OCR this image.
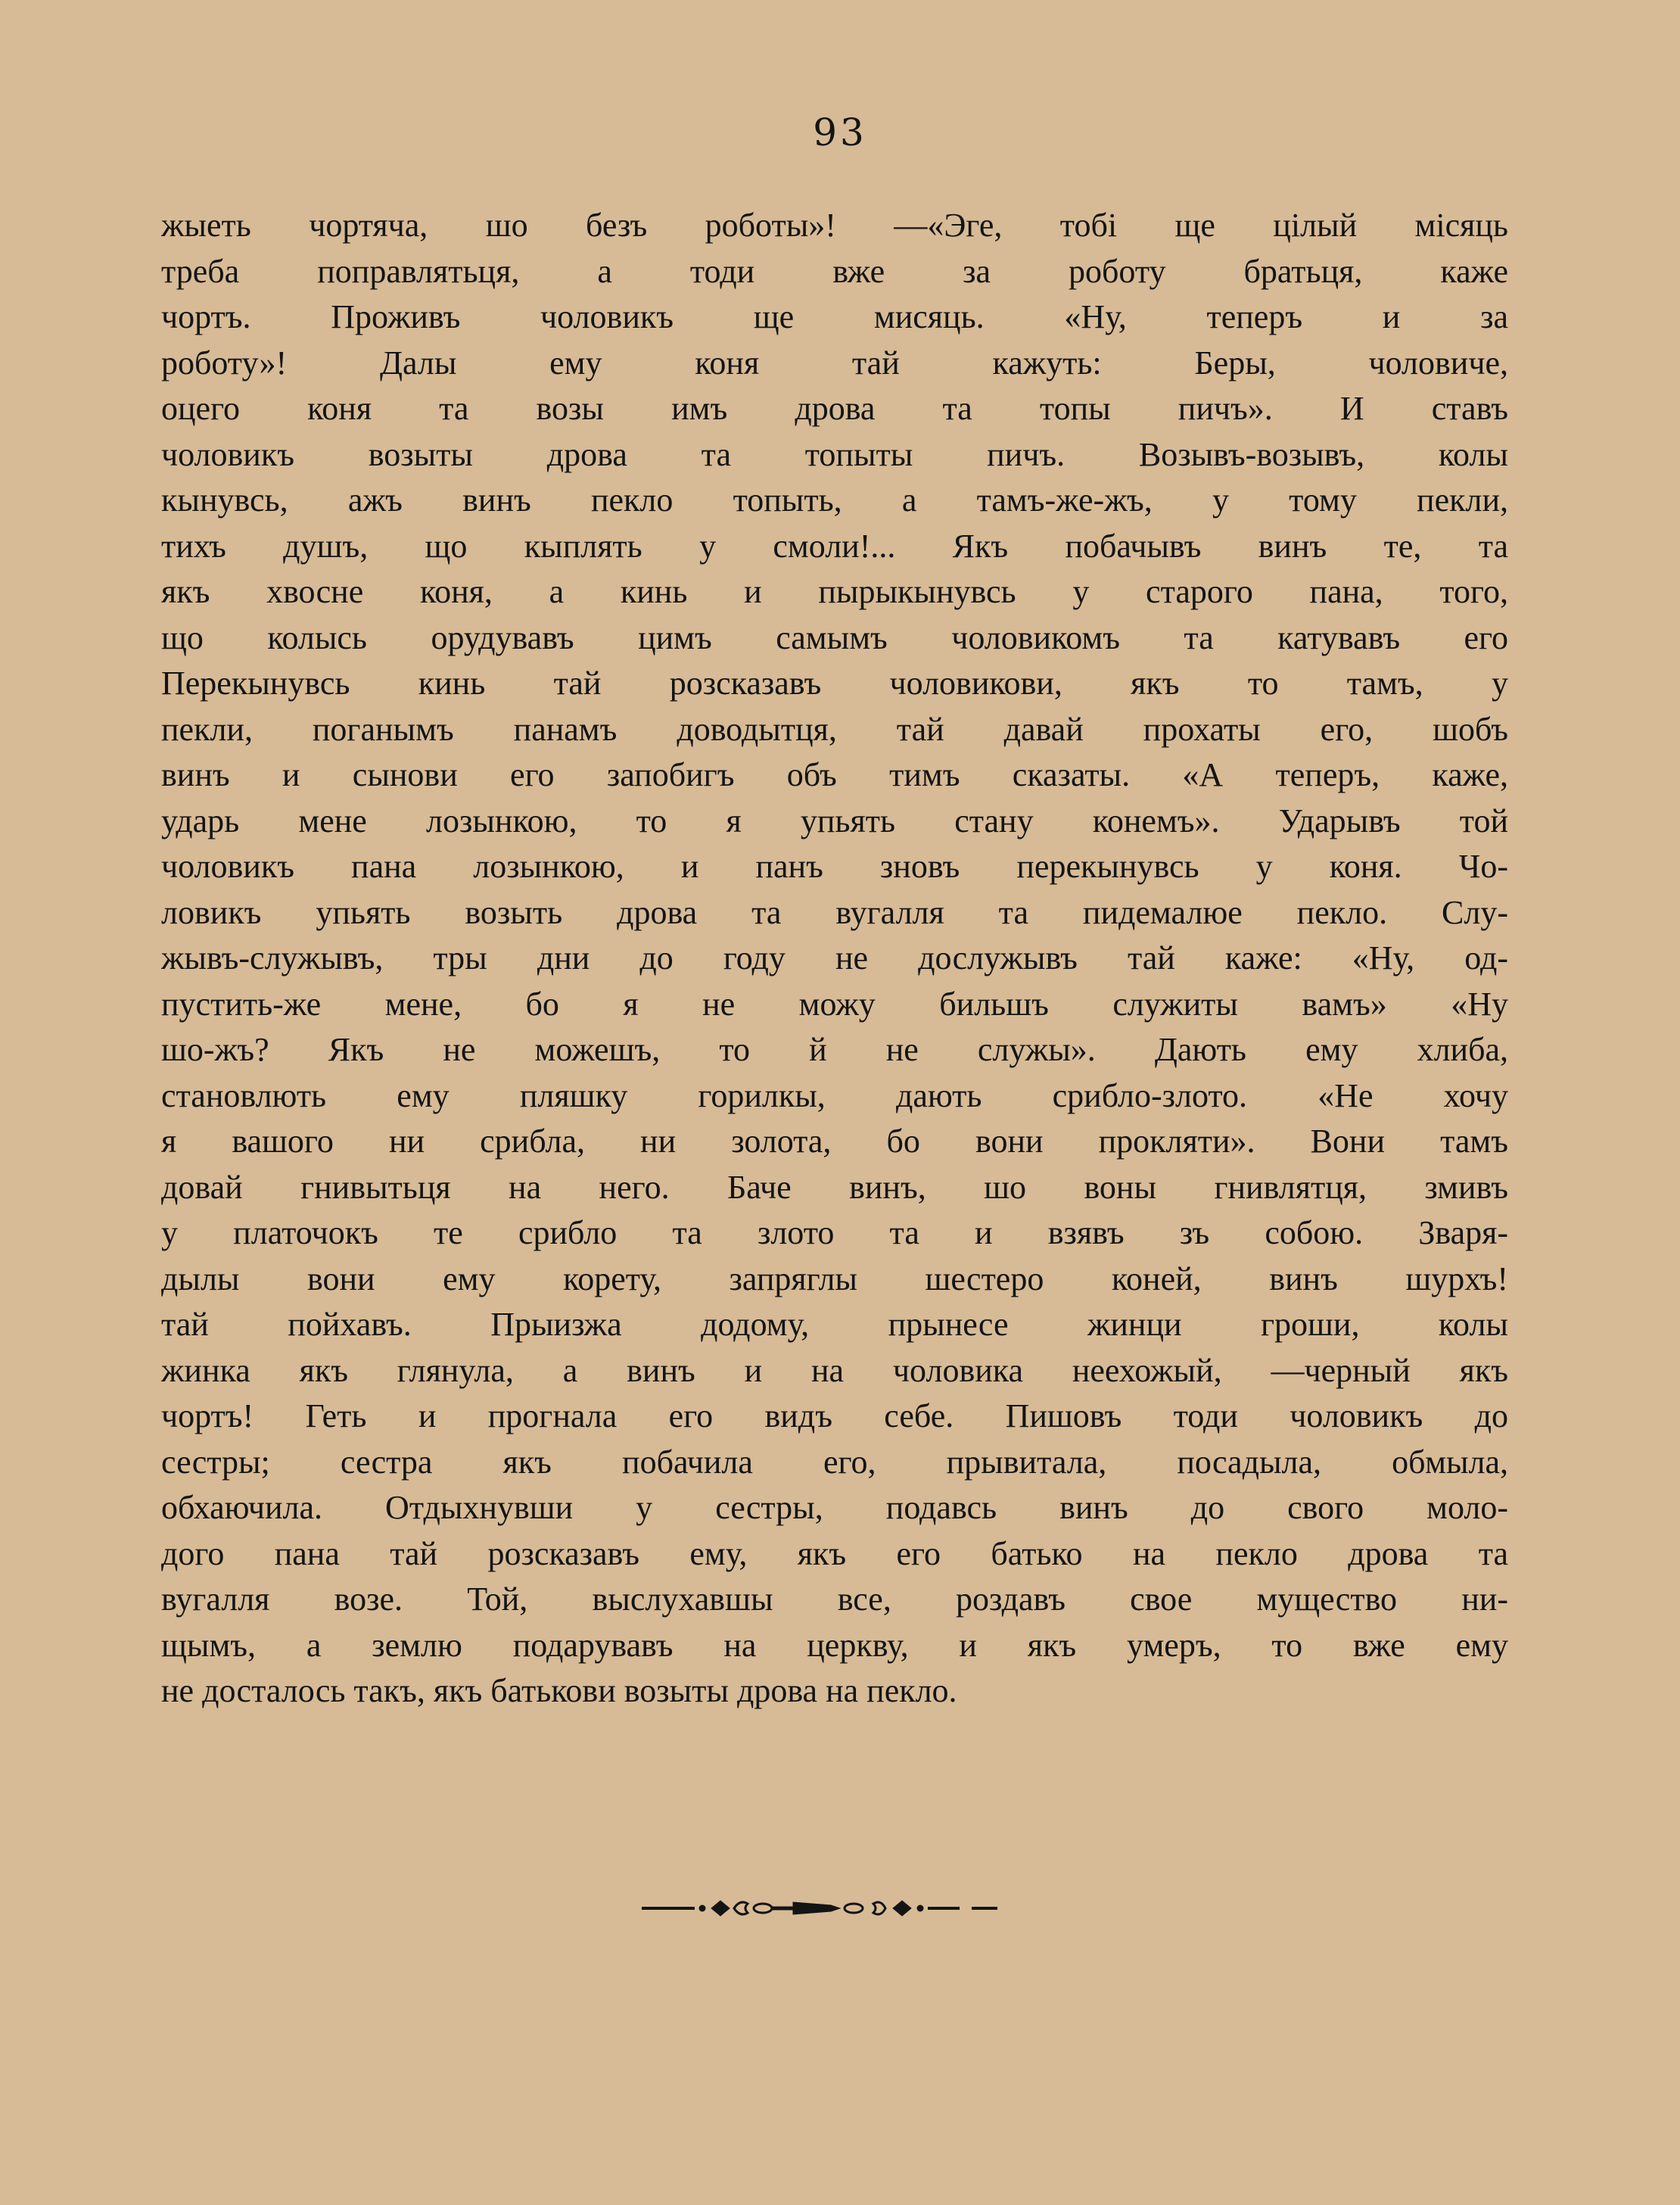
93
жыеть чортяча, шо безъ роботы»! —«Эге, тобі ще цілый мiсяць
треба поправлятьця, а тоди вже за роботу братьця, каже
чортъ. Проживъ чоловикъ ще мисяць. «Ну, теперъ и за
роботу»! Далы ему коня тай кажуть: Беры, чоловиче,
оцего коня та возы имъ дрова та топы пичъ». И ставъ
чоловикъ возыты дрова та топыты пичъ. Возывъ-возывъ, колы
кынувсь, ажъ винъ пекло топыть, а тамъ-же-жъ, у тому пекли,
тихъ душъ, що кыплять у смоли!... Якъ побачывъ винъ те, та
якъ хвосне коня, а кинь и пырыкынувсь у старого пана, того,
що колысь орудувавъ цимъ самымъ чоловикомъ та катувавъ его
Перекынувсь кинь тай розсказавъ чоловикови, якъ то тамъ, у
пекли, поганымъ панамъ доводытця, тай давай прохаты его, шобъ
винъ и сынови его запобигъ объ тимъ сказаты. «А теперъ, каже,
ударь мене лозынкою, то я упьять стану конемъ». Ударывъ той
чоловикъ пана лозынкою, и панъ зновъ перекынувсь у коня. Чо-
ловикъ упьять возыть дрова та вугалля та пидемалюе пекло. Слу-
жывъ-служывъ, тры дни до году не дослужывъ тай каже: «Ну, од-
пустить-же мене, бо я не можу бильшъ служиты вамъ» «Ну
шо-жъ? Якъ не можешъ, то й не служы». Дають ему хлиба,
становлють ему пляшку горилкы, дають срибло-злото. «Не хочу
я вашого ни срибла, ни золота, бо вони прокляти». Вони тамъ
довай гнивытьця на него. Баче винъ, шо воны гнивлятця, змивъ
у платочокъ те срибло та злото та и взявъ зъ собою. Зваря-
дылы вони ему корету, запряглы шестеро коней, винъ шурхъ!
тай пойхавъ. Прыизжа додому, прынесе жинци гроши, колы
жинка якъ глянула, а винъ и на чоловика неехожый, —черный якъ
чортъ! Геть и прогнала его видъ себе. Пишовъ тоди чоловикъ до
сестры; сестра якъ побачила его, прывитала, посадыла, обмыла,
обхаючила. Отдыхнувши у сестры, подавсь винъ до свого моло-
дого пана тай розсказавъ ему, якъ его батько на пекло дрова та
вугалля возе. Той, выслухавшы все, роздавъ свое мущество ни-
щымъ, а землю подарувавъ на церкву, и якъ умеръ, то вже ему
не досталось такъ, якъ батькови возыты дрова на пекло.
